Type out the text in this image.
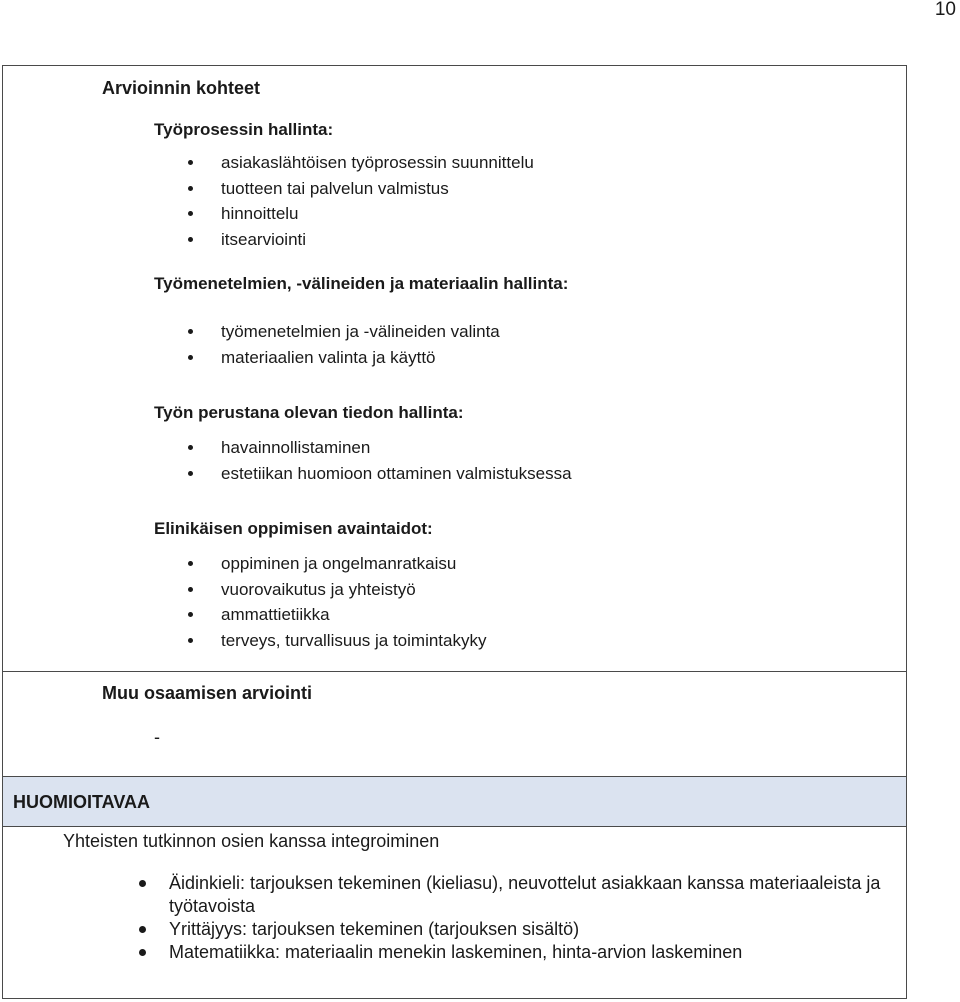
10
Arvioinnin kohteet
Työprosessin hallinta:
asiakaslähtöisen työprosessin suunnittelu
tuotteen tai palvelun valmistus
hinnoittelu
itsearviointi
Työmenetelmien, -välineiden ja materiaalin hallinta:
työmenetelmien ja -välineiden valinta
materiaalien valinta ja käyttö
Työn perustana olevan tiedon hallinta:
havainnollistaminen
estetiikan huomioon ottaminen valmistuksessa
Elinikäisen oppimisen avaintaidot:
oppiminen ja ongelmanratkaisu
vuorovaikutus ja yhteistyö
ammattietiikka
terveys, turvallisuus ja toimintakyky
Muu osaamisen arviointi
-
HUOMIOITAVAA
Yhteisten tutkinnon osien kanssa integroiminen
Äidinkieli: tarjouksen tekeminen (kieliasu), neuvottelut asiakkaan kanssa materiaaleista ja työtavoista
Yrittäjyys: tarjouksen tekeminen (tarjouksen sisältö)
Matematiikka: materiaalin menekin laskeminen, hinta-arvion laskeminen
